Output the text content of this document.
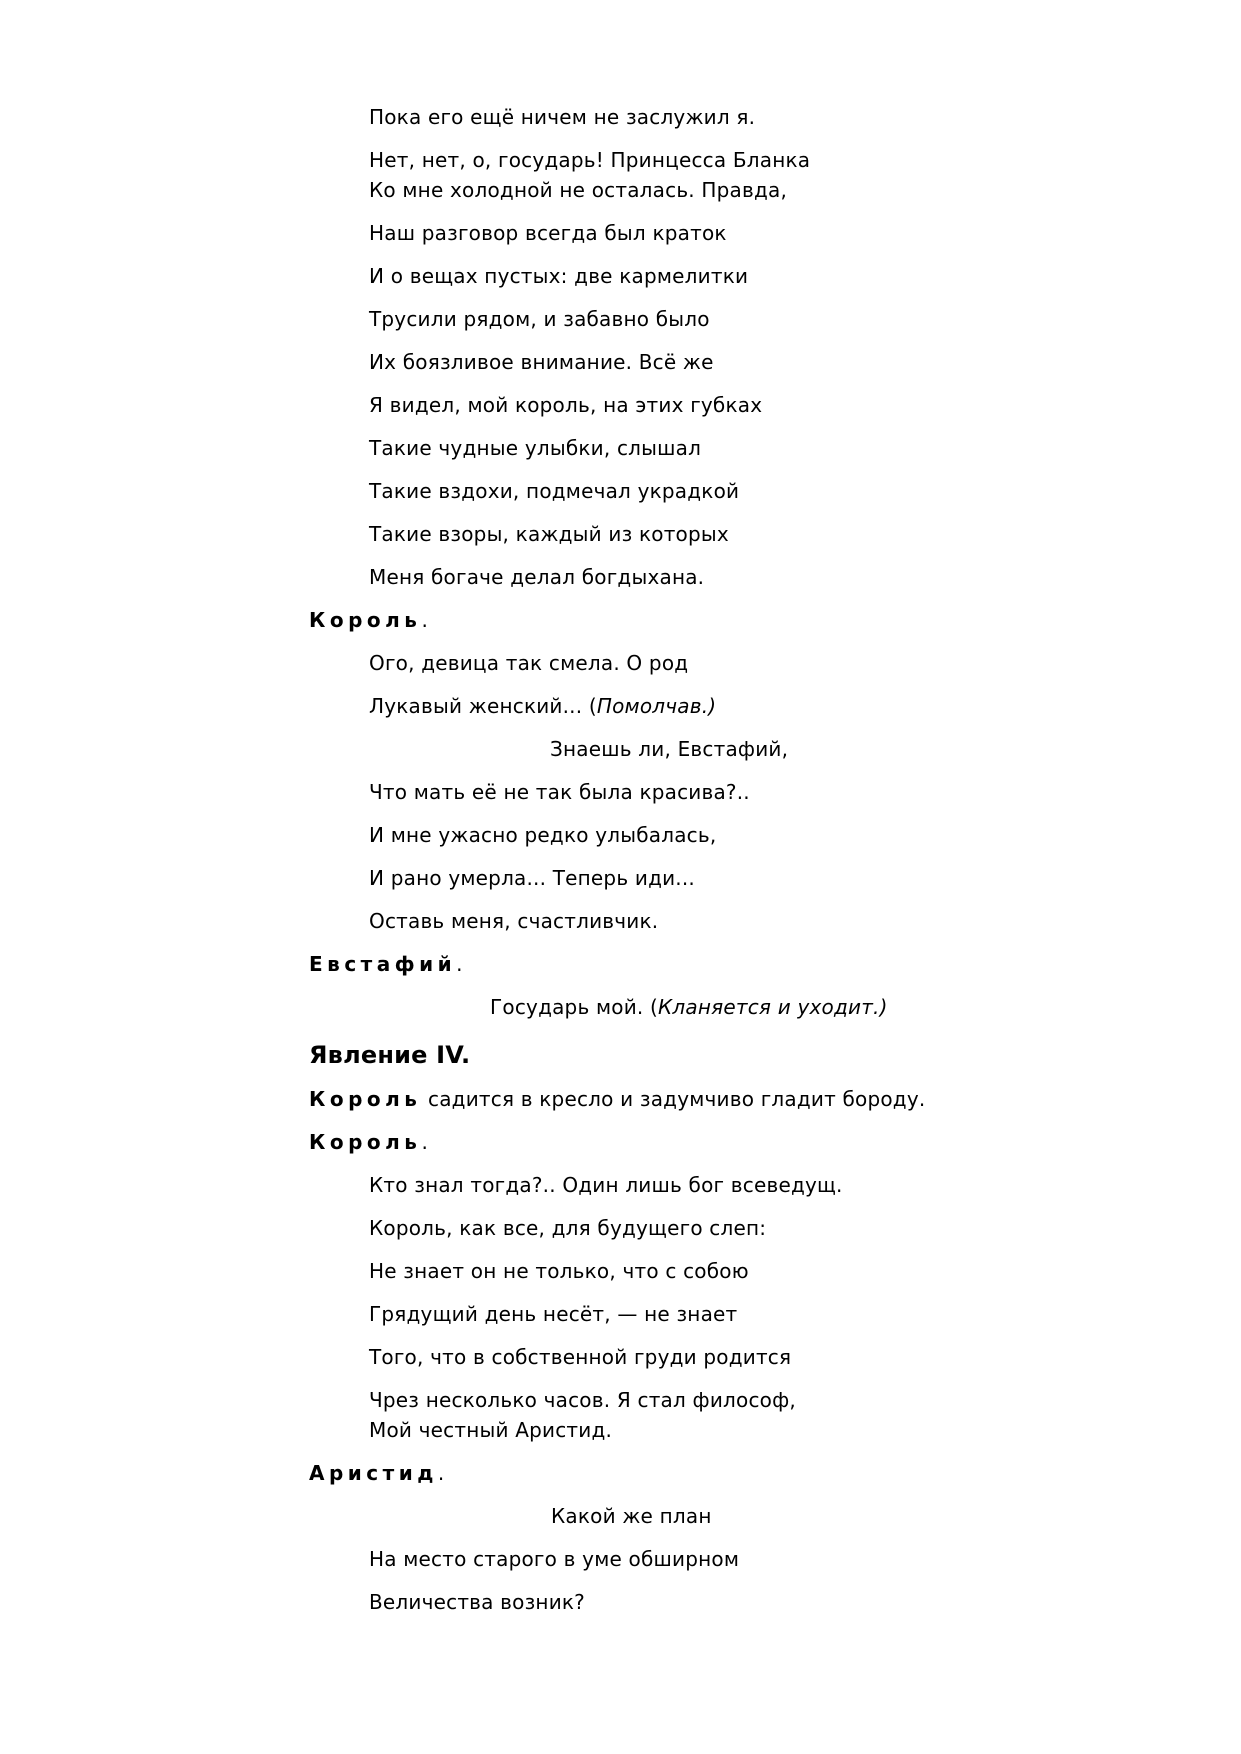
Пока его ещё ничем не заслужил я.
Нет, нет, о, государь! Принцесса Бланка
Ко мне холодной не осталась. Правда,
Наш разговор всегда был краток
И о вещах пустых: две кармелитки
Трусили рядом, и забавно было
Их боязливое внимание. Всё же
Я видел, мой король, на этих губках
Такие чудные улыбки, слышал
Такие вздохи, подмечал украдкой
Такие взоры, каждый из которых
Меня богаче делал богдыхана.
Король.
Ого, девица так смела. О род
Лукавый женский... (Помолчав.)
Знаешь ли, Евстафий,
Что мать её не так была красива?..
И мне ужасно редко улыбалась,
И рано умерла... Теперь иди...
Оставь меня, счастливчик.
Евстафий.
Государь мой. (Кланяется и уходит.)
Явление IV.
Король садится в кресло и задумчиво гладит бороду.
Король.
Кто знал тогда?.. Один лишь бог всеведущ.
Король, как все, для будущего слеп:
Не знает он не только, что с собою
Грядущий день несёт, — не знает
Того, что в собственной груди родится
Чрез несколько часов. Я стал философ,
Мой честный Аристид.
Аристид.
Какой же план
На место старого в уме обширном
Величества возник?
